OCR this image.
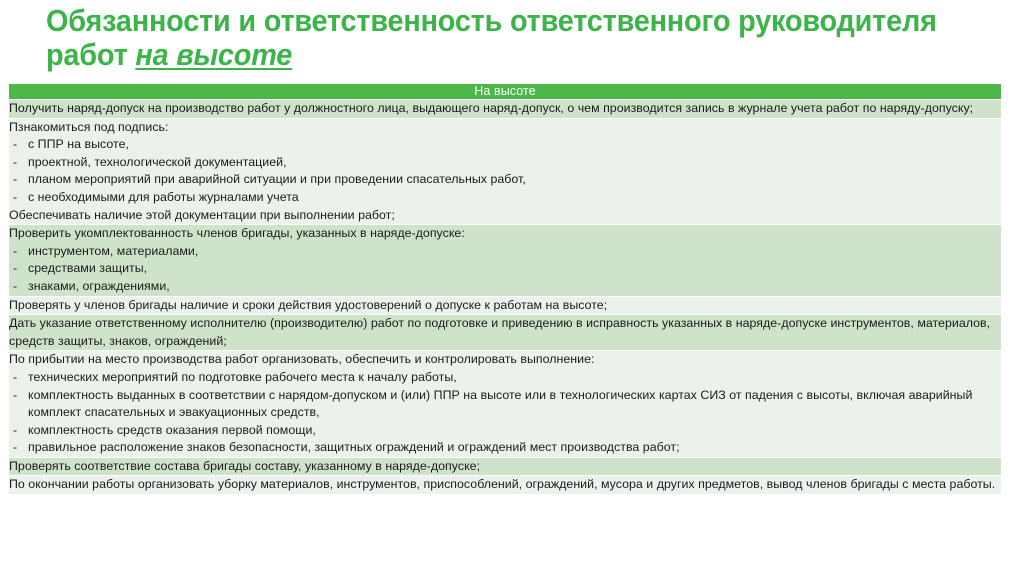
Обязанности и ответственность ответственного руководителя работ на высоте
На высоте

Получить наряд-допуск на производство работ у должностного лица, выдающего наряд-допуск, о чем производится запись в журнале учета работ по наряду-допуску;

Пзнакомиться под подпись:

- с ППР на высоте,
- проектной, технологической документацией,
- планом мероприятий при аварийной ситуации и при проведении спасательных работ,
- с необходимыми для работы журналами учета

Обеспечивать наличие этой документации при выполнении работ;

Проверить укомплектованность членов бригады, указанных в наряде-допуске:

- инструментом, материалами,
- средствами защиты,
- знаками, ограждениями,

Проверять у членов бригады наличие и сроки действия удостоверений о допуске к работам на высоте;

Дать указание ответственному исполнителю (производителю) работ по подготовке и приведению в исправность указанных в наряде-допуске инструментов, материалов, средств защиты, знаков, ограждений;

По прибытии на место производства работ организовать, обеспечить и контролировать выполнение:

- технических мероприятий по подготовке рабочего места к началу работы,
- комплектность выданных в соответствии с нарядом-допуском и (или) ППР на высоте или в технологических картах СИЗ от падения с высоты, включая аварийный комплект спасательных и эвакуационных средств,
- комплектность средств оказания первой помощи,
- правильное расположение знаков безопасности, защитных ограждений и ограждений мест производства работ;

Проверять соответствие состава бригады составу, указанному в наряде-допуске;

По окончании работы организовать уборку материалов, инструментов, приспособлений, ограждений, мусора и других предметов, вывод членов бригады с места работы.
